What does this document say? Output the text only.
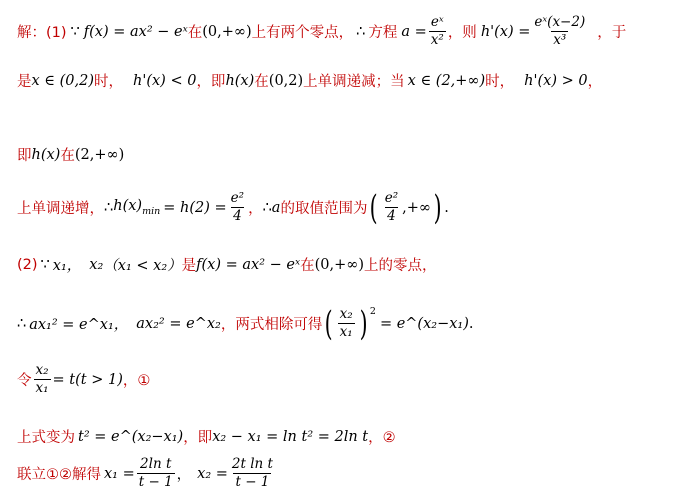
解：(1) ∵ f(x) = ax² − eˣ 在 (0,+∞) 上有两个零点， ∴ 方程 $a = \frac{\text{eˣ}}{\text{x²}}$ ，则 $h'(x) = \frac{\text{eˣ(x−2)}}{\text{x³}}$ ，于
是 x ∈ (0,2) 时， h'(x) < 0 ，即 h(x) 在 (0,2) 上单调递减；当 x ∈ (2,+∞) 时， h'(x) > 0 ，
即 h(x) 在 (2,+∞)
上单调递增， ∴ $h(x)_{min} = h(2) = \frac{\text{e²}}{4}$ ， ∴ a 的取值范围为 ( $\frac{\text{e²}}{4}$ ,+∞ ) .
(2) ∵ x₁， x₂ （x₁ < x₂） 是 f(x) = ax² − eˣ 在 (0,+∞) 上的零点，
∴ ax₁² = e^x₁， ax₂² = e^x₂ ，两式相除可得 ( $\frac{\text{x₂}}{\text{x₁}}$ ) $^2$
= e^(x₂−x₁) .
令 $\frac{\text{x₂}}{\text{x₁}} = t(t > 1)$ ，①
上式变为 t² = e^(x₂−x₁) ，即 x₂ − x₁ = ln t² = 2ln t ，②
联立①②解得 $x_1 = \frac{\text{2ln t}}{t - 1}$ ， $x_2 = \frac{\text{2t ln t}}{t - 1}$
